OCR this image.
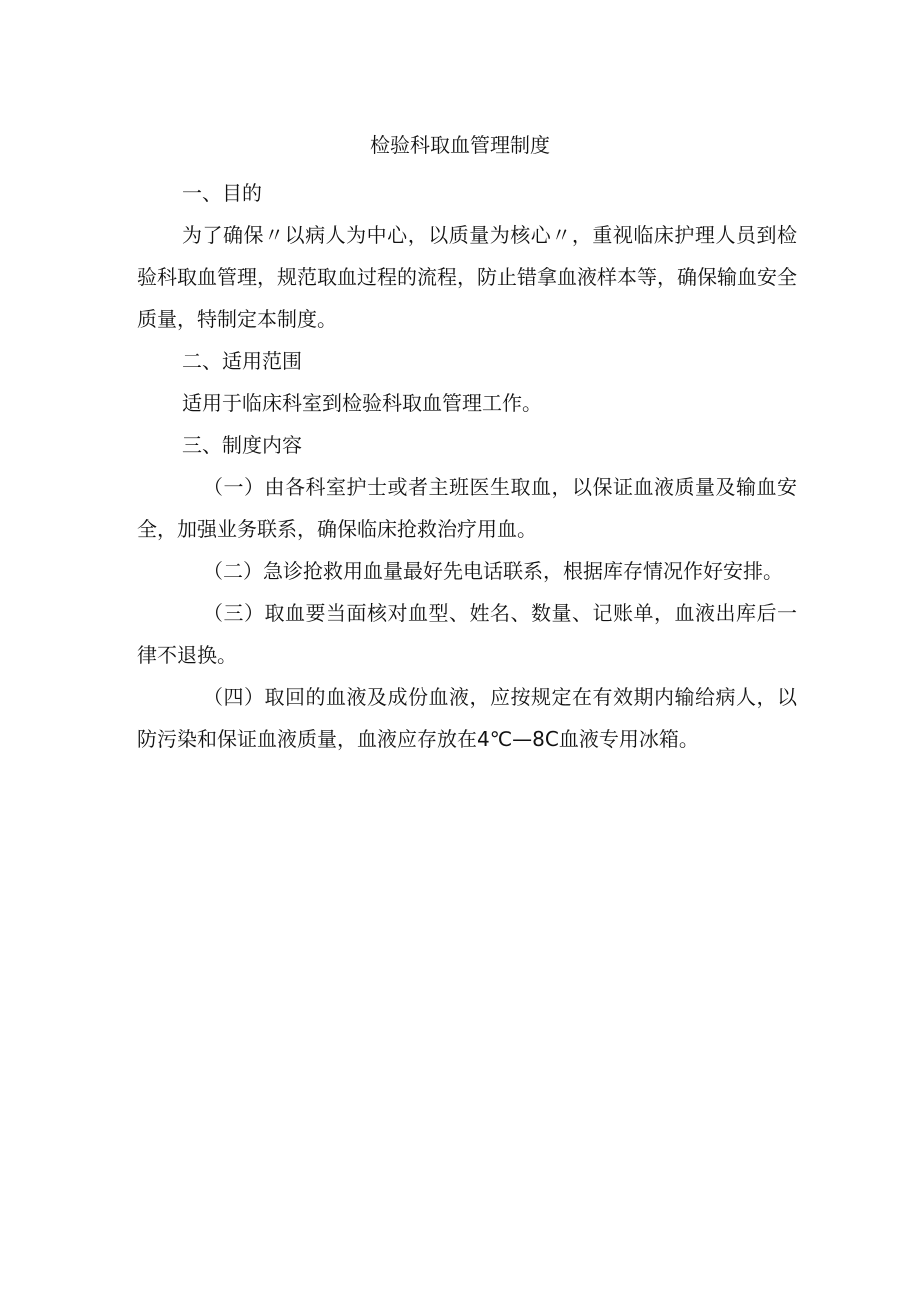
检验科取血管理制度

一、目的

为了确保〃以病人为中心，以质量为核心〃，重视临床护理人员到检验科取血管理，规范取血过程的流程，防止错拿血液样本等，确保输血安全质量，特制定本制度。

二、适用范围

适用于临床科室到检验科取血管理工作。

三、制度内容

（一）由各科室护士或者主班医生取血，以保证血液质量及输血安全，加强业务联系，确保临床抢救治疗用血。

（二）急诊抢救用血量最好先电话联系，根据库存情况作好安排。

（三）取血要当面核对血型、姓名、数量、记账单，血液出库后一律不退换。

（四）取回的血液及成份血液，应按规定在有效期内输给病人，以防污染和保证血液质量，血液应存放在4℃—8C血液专用冰箱。
